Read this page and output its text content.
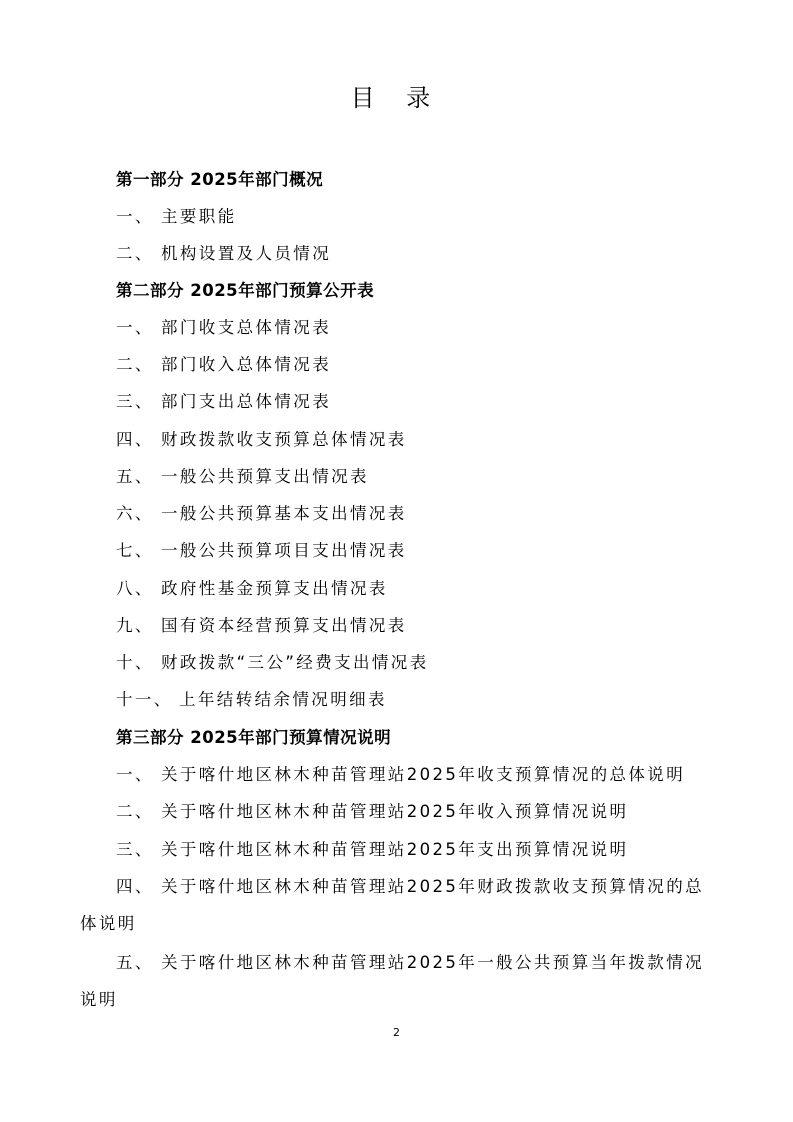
目 录
第一部分 2025年部门概况
一、 主要职能
二、 机构设置及人员情况
第二部分 2025年部门预算公开表
一、 部门收支总体情况表
二、 部门收入总体情况表
三、 部门支出总体情况表
四、 财政拨款收支预算总体情况表
五、 一般公共预算支出情况表
六、 一般公共预算基本支出情况表
七、 一般公共预算项目支出情况表
八、 政府性基金预算支出情况表
九、 国有资本经营预算支出情况表
十、 财政拨款“三公”经费支出情况表
十一、 上年结转结余情况明细表
第三部分 2025年部门预算情况说明
一、 关于喀什地区林木种苗管理站2025年收支预算情况的总体说明
二、 关于喀什地区林木种苗管理站2025年收入预算情况说明
三、 关于喀什地区林木种苗管理站2025年支出预算情况说明
四、 关于喀什地区林木种苗管理站2025年财政拨款收支预算情况的总体说明
五、 关于喀什地区林木种苗管理站2025年一般公共预算当年拨款情况说明
2
